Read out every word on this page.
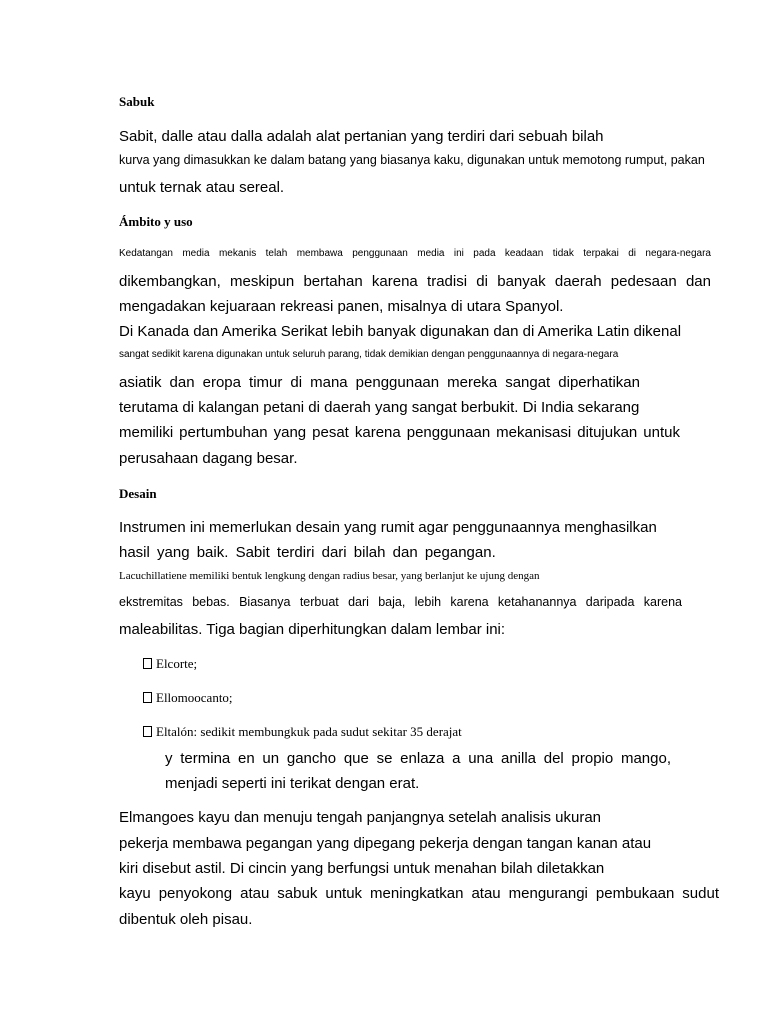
Sabuk
Sabit, dalle atau dalla adalah alat pertanian yang terdiri dari sebuah bilah
kurva yang dimasukkan ke dalam batang yang biasanya kaku, digunakan untuk memotong rumput, pakan
untuk ternak atau sereal.
Ámbito y uso
Kedatangan media mekanis telah membawa penggunaan media ini pada keadaan tidak terpakai di negara-negara
dikembangkan, meskipun bertahan karena tradisi di banyak daerah pedesaan dan
mengadakan kejuaraan rekreasi panen, misalnya di utara Spanyol.
Di Kanada dan Amerika Serikat lebih banyak digunakan dan di Amerika Latin dikenal
sangat sedikit karena digunakan untuk seluruh parang, tidak demikian dengan penggunaannya di negara-negara
asiatik dan eropa timur di mana penggunaan mereka sangat diperhatikan
terutama di kalangan petani di daerah yang sangat berbukit. Di India sekarang
memiliki pertumbuhan yang pesat karena penggunaan mekanisasi ditujukan untuk
perusahaan dagang besar.
Desain
Instrumen ini memerlukan desain yang rumit agar penggunaannya menghasilkan
hasil yang baik. Sabit terdiri dari bilah dan pegangan.
Lacuchillatiene memiliki bentuk lengkung dengan radius besar, yang berlanjut ke ujung dengan
ekstremitas bebas. Biasanya terbuat dari baja, lebih karena ketahanannya daripada karena
maleabilitas. Tiga bagian diperhitungkan dalam lembar ini:
Elcorte;
Ellomoocanto;
Eltalón: sedikit membungkuk pada sudut sekitar 35 derajat
y termina en un gancho que se enlaza a una anilla del propio mango,
menjadi seperti ini terikat dengan erat.
Elmangoes kayu dan menuju tengah panjangnya setelah analisis ukuran
pekerja membawa pegangan yang dipegang pekerja dengan tangan kanan atau
kiri disebut astil. Di cincin yang berfungsi untuk menahan bilah diletakkan
kayu penyokong atau sabuk untuk meningkatkan atau mengurangi pembukaan sudut
dibentuk oleh pisau.
